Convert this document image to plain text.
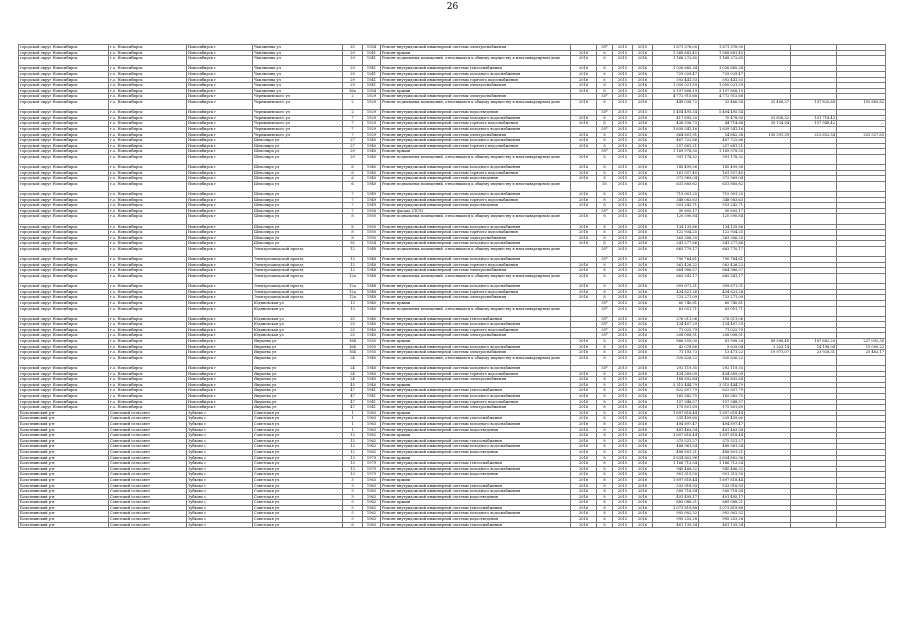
26
городской округ Новосибирск	г.о. Новосибирск	Новосибирск г	Чаплыгина ул	25	1954	Ремонт внутридомовой инженерной системы электроснабжения		55*	2015	2015	1 671 376,00	1 671 376,00			
городской округ Новосибирск	г.о. Новосибирск	Новосибирск г	Чаплыгина ул	29	1941	Ремонт крыши	2016	6	2015	2016	1 568 681,45	1 568 681,45			
городской округ Новосибирск	г.о. Новосибирск	Новосибирск г	Чаплыгина ул	29	1941	Ремонт подвальных помещений, относящихся к общему имуществу в многоквартирном доме	2016	6	2015	2016	1 168 272,65	1 168 272,65			
городской округ Новосибирск	г.о. Новосибирск	Новосибирск г	Чаплыгина ул	29	1941	Ремонт внутридомовой инженерной системы теплоснабжения	2016	6	2015	2016	1 026 685,34	1 026 685,34			
городской округ Новосибирск	г.о. Новосибирск	Новосибирск г	Чаплыгина ул	29	1941	Ремонт внутридомовой инженерной системы холодного водоснабжения	2016	6	2015	2016	729 029,47	729 029,47			
городской округ Новосибирск	г.о. Новосибирск	Новосибирск г	Чаплыгина ул	29	1941	Ремонт внутридомовой инженерной системы горячего водоснабжения	2016	6	2015	2016	592 441,53	592 441,53			
городской округ Новосибирск	г.о. Новосибирск	Новосибирск г	Чаплыгина ул	29	1941	Ремонт внутридомовой инженерной системы электроснабжения	2016	6	2015	2016	1 050 021,59	1 050 021,59			
городской округ Новосибирск	г.о. Новосибирск	Новосибирск г	Чаплыгина ул	36а	1954	Ремонт крыши	2016	8	2015	2016	3 197 808,19	3 197 808,19			
городской округ Новосибирск	г.о. Новосибирск	Новосибирск г	Чернышевского ул	2	1929	Ремонт внутридомовой инженерной системы электроснабжения		55*	2015	2015	4 772 915,68	4 772 915,68			
городской округ Новосибирск	г.о. Новосибирск	Новосибирск г	Чернышевского ул	2	1929	Ремонт подвальных помещений, относящихся к общему имуществу в многоквартирном доме	2016	8	2015	2016	449 038,72	32 466,54	32 406,37	157 825,68	192 865,82
городской округ Новосибирск	г.о. Новосибирск	Новосибирск г	Чернышевского ул	2	1929	Ремонт внутридомовой инженерной системы водоотведения		55*	2015	2015	5 404 495,54	5 404 495,54			
городской округ Новосибирск	г.о. Новосибирск	Новосибирск г	Чернышевского ул	7	1929	Ремонт внутридомовой инженерной системы холодного водоснабжения	2016	8	2015	2016	417 695,20	70 478,00	52 826,32	101 718,43	...
городской округ Новосибирск	г.о. Новосибирск	Новосибирск г	Чернышевского ул	7	1929	Ремонт внутридомовой инженерной системы горячего водоснабжения	2016	8	2015	2016	436 936,73	44 714,66	35 134,94	157 948,42	...
городской округ Новосибирск	г.о. Новосибирск	Новосибирск г	Чернышевского ул	7	1929	Ремонт внутридомовой инженерной системы холодного водоснабжения		55*	2015	2016	1 839 541,16	1 839 541,16			
городской округ Новосибирск	г.о. Новосибирск	Новосибирск г	Чернышевского ул	7	1929	Ремонт внутридомовой инженерной системы электроснабжения	2016	8	2015	2016	664 601,91	54 882,38	195 591,39	213 652,54	253 527,83
городской округ Новосибирск	г.о. Новосибирск	Новосибирск г	Шекспира ул	27	1940	Ремонт внутридомовой инженерной системы холодного водоснабжения	2016	8	2015	2016	467 722,66	467 722,66			
городской округ Новосибирск	г.о. Новосибирск	Новосибирск г	Шекспира ул	27	1940	Ремонт внутридомовой инженерной системы горячего водоснабжения	2016	8	2015	2016	257 681,21	257 681,21			
городской округ Новосибирск	г.о. Новосибирск	Новосибирск г	Шекспира ул	29	1940	Ремонт крыши		55*	2015	2016	1 169 978,50	1 169 978,50			
городской округ Новосибирск	г.о. Новосибирск	Новосибирск г	Шекспира ул	29	1940	Ремонт подвальных помещений, относящихся к общему имуществу в многоквартирном доме	2016	8	2015	2016	391 178,32	391 178,32			
городской округ Новосибирск	г.о. Новосибирск	Новосибирск г	Шекспира ул	6	1940	Ремонт внутридомовой инженерной системы холодного водоснабжения	2016	8	2015	2016	185 499,56	185 499,56			
городской округ Новосибирск	г.о. Новосибирск	Новосибирск г	Шекспира ул	6	1940	Ремонт внутридомовой инженерной системы горячего водоснабжения	2016	8	2015	2016	161 557,40	161 557,40			
городской округ Новосибирск	г.о. Новосибирск	Новосибирск г	Шекспира ул	6	1940	Ремонт внутридомовой инженерной системы водоотведения	2016	8	2015	2016	372 969,04	372 969,04			
городской округ Новосибирск	г.о. Новосибирск	Новосибирск г	Шекспира ул	6	1940	Ремонт подвальных помещений, относящихся к общему имуществу в многоквартирном доме		55	2015	2016	631 885,82	631 885,82			
городской округ Новосибирск	г.о. Новосибирск	Новосибирск г	Шекспира ул	7	1949	Ремонт внутридомовой инженерной системы холодного водоснабжения	2016	8	2015	2016	715 901,25	715 901,25			
городской округ Новосибирск	г.о. Новосибирск	Новосибирск г	Шекспира ул	7	1949	Ремонт внутридомовой инженерной системы горячего водоснабжения	2016	8	2015	2016	348 083,63	348 083,63			
городской округ Новосибирск	г.о. Новосибирск	Новосибирск г	Шекспира ул	7	1949	Ремонт внутридомовой инженерной системы водоотведения	2016	8	2015	2016	553 242,71	553 242,71			
городской округ Новосибирск	г.о. Новосибирск	Новосибирск г	Шекспира ул	7	1956	Ремонт фасада (ЛСЭ)		55*	2015	2016	90 605,17	90 605,17			
городской округ Новосибирск	г.о. Новосибирск	Новосибирск г	Шекспира ул	8	1950	Ремонт подвальных помещений, относящихся к общему имуществу в многоквартирном доме	2016	8	2015	2016	120 590,84	120 590,84			
городской округ Новосибирск	г.о. Новосибирск	Новосибирск г	Шекспира ул	8	1950	Ремонт внутридомовой инженерной системы холодного водоснабжения	2016	8	2015	2016	134 135,86	134 135,86			
городской округ Новосибирск	г.о. Новосибирск	Новосибирск г	Шекспира ул	8	1950	Ремонт внутридомовой инженерной системы горячего водоснабжения	2016	8	2015	2016	122 934,25	122 934,25			
городской округ Новосибирск	г.о. Новосибирск	Новосибирск г	Шекспира ул	8	1950	Ремонт внутридомовой инженерной системы электроснабжения	2016	8	2015	2016	263 306,20	263 306,20			
городской округ Новосибирск	г.о. Новосибирск	Новосибирск г	Шекспира ул	92	1954	Ремонт внутридомовой инженерной системы холодного водоснабжения	2016	8	2015	2016	241 277,86	241 277,86			
городской округ Новосибирск	г.о. Новосибирск	Новосибирск г	Электрозаводской проезд	12	1948	Ремонт подвальных помещений, относящихся к общему имуществу в многоквартирном доме		55*	2015	2016	663 770,17	663 770,17			
городской округ Новосибирск	г.о. Новосибирск	Новосибирск г	Электрозаводской проезд	12	1948	Ремонт внутридомовой инженерной системы холодного водоснабжения		55*	2015	2016	790 764,61	790 764,61			
городской округ Новосибирск	г.о. Новосибирск	Новосибирск г	Электрозаводской проезд	12	1948	Ремонт внутридомовой инженерной системы горячего водоснабжения	2016	8	2015	2016	562 426,22	562 426,22			
городской округ Новосибирск	г.о. Новосибирск	Новосибирск г	Электрозаводской проезд	12	1948	Ремонт внутридомовой инженерной системы электроснабжения	2016	8	2015	2016	664 986,57	664 986,57			
городской округ Новосибирск	г.о. Новосибирск	Новосибирск г	Электрозаводской проезд	12а	1948	Ремонт подвальных помещений, относящихся к общему имуществу в многоквартирном доме	2016	8	2015	2016	665 541,17	665 541,17			
городской округ Новосибирск	г.о. Новосибирск	Новосибирск г	Электрозаводской проезд	12а	1948	Ремонт внутридомовой инженерной системы холодного водоснабжения	2016	8	2015	2016	509 671,31	509 671,31			
городской округ Новосибирск	г.о. Новосибирск	Новосибирск г	Электрозаводской проезд	12а	1948	Ремонт внутридомовой инженерной системы горячего водоснабжения	2016	8	2015	2016	434 621,26	434 621,26			
городской округ Новосибирск	г.о. Новосибирск	Новосибирск г	Электрозаводской проезд	12а	1948	Ремонт внутридомовой инженерной системы электроснабжения	2016	8	2015	2016	723 271,09	723 271,09			
городской округ Новосибирск	г.о. Новосибирск	Новосибирск г	Юдиновская ул	13	1940	Ремонт крыши		55*	2015	2016	60 740,81	60 740,81			
городской округ Новосибирск	г.о. Новосибирск	Новосибирск г	Юдиновская ул	13	1940	Ремонт подвальных помещений, относящихся к общему имуществу в многоквартирном доме		55*	2015	2016	63 051,71	63 051,71			
городской округ Новосибирск	г.о. Новосибирск	Новосибирск г	Юдиновская ул	25	1940	Ремонт внутридомовой инженерной системы теплоснабжения		55*	2015	2016	276 011,06	276 011,06			
городской округ Новосибирск	г.о. Новосибирск	Новосибирск г	Юдиновская ул	25	1940	Ремонт внутридомовой инженерной системы холодного водоснабжения		55*	2015	2016	134 407,29	134 407,29			
городской округ Новосибирск	г.о. Новосибирск	Новосибирск г	Юдиновская ул	25	1940	Ремонт внутридомовой инженерной системы горячего водоснабжения		55*	2015	2016	71 022,79	71 022,79			
городской округ Новосибирск	г.о. Новосибирск	Новосибирск г	Юдиновская ул	25	1940	Ремонт внутридомовой инженерной системы электроснабжения		55*	2015	2016	208 008,91	208 008,91			
городской округ Новосибирск	г.о. Новосибирск	Новосибирск г	Якушева ул	164	1955	Ремонт крыши	2016	8	2015	2016	866 559,00	81 908,28	89 596,48	187 682,20	227 092,30
городской округ Новосибирск	г.о. Новосибирск	Новосибирск г	Якушева ул	164	1955	Ремонт внутридомовой инженерной системы холодного водоснабжения	2016	8	2015	2016	42 078,86	9 629,04	2 253,14	14 196,04	15 000,22
городской округ Новосибирск	г.о. Новосибирск	Новосибирск г	Якушева ул	164	1955	Ремонт внутридомовой инженерной системы электроснабжения	2016	8	2015	2016	71 193,73	13 471,22	19 971,07	23 928,31	25 462,17
городской округ Новосибирск	г.о. Новосибирск	Новосибирск г	Якушева ул	24	1940	Ремонт подвальных помещений, относящихся к общему имуществу в многоквартирном доме	2016	8	2015	2016	920 626,22	920 626,22			
городской округ Новосибирск	г.о. Новосибирск	Новосибирск г	Якушева ул	24	1940	Ремонт внутридомовой инженерной системы холодного водоснабжения		55*	2015	2016	292 119,35	292 119,35			
городской округ Новосибирск	г.о. Новосибирск	Новосибирск г	Якушева ул	24	1940	Ремонт внутридомовой инженерной системы горячего водоснабжения	2016	8	2015	2016	434 589,09	434 589,09			
городской округ Новосибирск	г.о. Новосибирск	Новосибирск г	Якушева ул	24	1940	Ремонт внутридомовой инженерной системы электроснабжения	2016	8	2015	2016	168 892,84	168 892,84			
городской округ Новосибирск	г.о. Новосибирск	Новосибирск г	Якушева ул	45	1940	Ремонт крыши	2016	8	2015	2016	3 315 444,79	3 315 444,79			
городской округ Новосибирск	г.о. Новосибирск	Новосибирск г	Якушева ул	47	1941	Ремонт внутридомовой инженерной системы теплоснабжения	2016	8	2015	2016	622 657,79	622 657,79			
городской округ Новосибирск	г.о. Новосибирск	Новосибирск г	Якушева ул	47	1941	Ремонт внутридомовой инженерной системы холодного водоснабжения	2016	8	2015	2016	165 582,75	165 582,75			
городской округ Новосибирск	г.о. Новосибирск	Новосибирск г	Якушева ул	47	1941	Ремонт внутридомовой инженерной системы горячего водоснабжения	2016	8	2015	2016	157 948,57	157 948,57			
городской округ Новосибирск	г.о. Новосибирск	Новосибирск г	Якушева ул	47	1941	Ремонт внутридомовой инженерной системы электроснабжения	2016	8	2015	2016	175 801,69	175 801,69			
Болотнинский р-н	Советский сельсовет	Зубково с	Советская ул	1	1963	Ремонт крыши	2016	8	2015	2016	1 697 618,44	1 697 618,44			
Болотнинский р-н	Советский сельсовет	Зубково с	Советская ул	1	1963	Ремонт внутридомовой инженерной системы теплоснабжения	2016	8	2015	2016	235 459,60	235 459,60			
Болотнинский р-н	Советский сельсовет	Зубково с	Советская ул	1	1963	Ремонт внутридомовой инженерной системы холодного водоснабжения	2016	8	2015	2016	494 897,47	494 897,47			
Болотнинский р-н	Советский сельсовет	Зубково с	Советская ул	1	1963	Ремонт внутридомовой инженерной системы водоотведения	2016	8	2015	2016	481 463,54	481 463,54			
Болотнинский р-н	Советский сельсовет	Зубково с	Советская ул	12	1962	Ремонт крыши	2016	8	2015	2016	1 697 618,44	1 697 618,44			
Болотнинский р-н	Советский сельсовет	Зубково с	Советская ул	12	1962	Ремонт внутридомовой инженерной системы теплоснабжения	2016	8	2015	2016	375 521,27	375 521,27			
Болотнинский р-н	Советский сельсовет	Зубково с	Советская ул	12	1962	Ремонт внутридомовой инженерной системы холодного водоснабжения	2016	8	2015	2016	488 961,54	488 961,54			
Болотнинский р-н	Советский сельсовет	Зубково с	Советская ул	12	1962	Ремонт внутридомовой инженерной системы водоотведения	2016	8	2015	2016	488 801,21	488 801,21			
Болотнинский р-н	Советский сельсовет	Зубково с	Советская ул	13	1979	Ремонт крыши	2016	8	2015	2016	2 634 802,96	2 634 802,96			
Болотнинский р-н	Советский сельсовет	Зубково с	Советская ул	13	1979	Ремонт внутридомовой инженерной системы теплоснабжения	2016	8	2015	2016	1 166 713,54	1 166 713,54			
Болотнинский р-н	Советский сельсовет	Зубково с	Советская ул	13	1979	Ремонт внутридомовой инженерной системы холодного водоснабжения	2016	8	2015	2016	945 466,32	945 466,32			
Болотнинский р-н	Советский сельсовет	Зубково с	Советская ул	13	1979	Ремонт внутридомовой инженерной системы водоотведения	2016	8	2015	2016	901 315,50	901 315,50			
Болотнинский р-н	Советский сельсовет	Зубково с	Советская ул	3	1963	Ремонт крыши	2016	8	2015	2016	1 697 618,44	1 697 618,44			
Болотнинский р-н	Советский сельсовет	Зубково с	Советская ул	3	1963	Ремонт внутридомовой инженерной системы теплоснабжения	2016	8	2015	2016	533 918,93	533 918,93			
Болотнинский р-н	Советский сельсовет	Зубково с	Советская ул	3	1963	Ремонт внутридомовой инженерной системы холодного водоснабжения	2016	8	2015	2016	500 718,94	500 718,94			
Болотнинский р-н	Советский сельсовет	Зубково с	Советская ул	3	1963	Ремонт внутридомовой инженерной системы водоотведения	2016	8	2015	2016	491 495,17	491 495,17			
Болотнинский р-н	Советский сельсовет	Зубково с	Советская ул	5	1962	Ремонт крыши	2016	8	2015	2016	885 088,21	885 088,21			
Болотнинский р-н	Советский сельсовет	Зубково с	Советская ул	5	1962	Ремонт внутридомовой инженерной системы теплоснабжения	2016	8	2015	2016	1 073 819,88	1 073 819,88			
Болотнинский р-н	Советский сельсовет	Зубково с	Советская ул	5	1962	Ремонт внутридомовой инженерной системы холодного водоснабжения	2016	8	2015	2016	992 902,32	992 902,32			
Болотнинский р-н	Советский сельсовет	Зубково с	Советская ул	5	1962	Ремонт внутридомовой инженерной системы водоотведения	2016	8	2015	2016	995 253,28	995 253,28			
Болотнинский р-н	Советский сельсовет	Зубково с	Советская ул	6	1963	Ремонт внутридомовой инженерной системы теплоснабжения	2016	8	2015	2016	461 139,34	461 139,34			
